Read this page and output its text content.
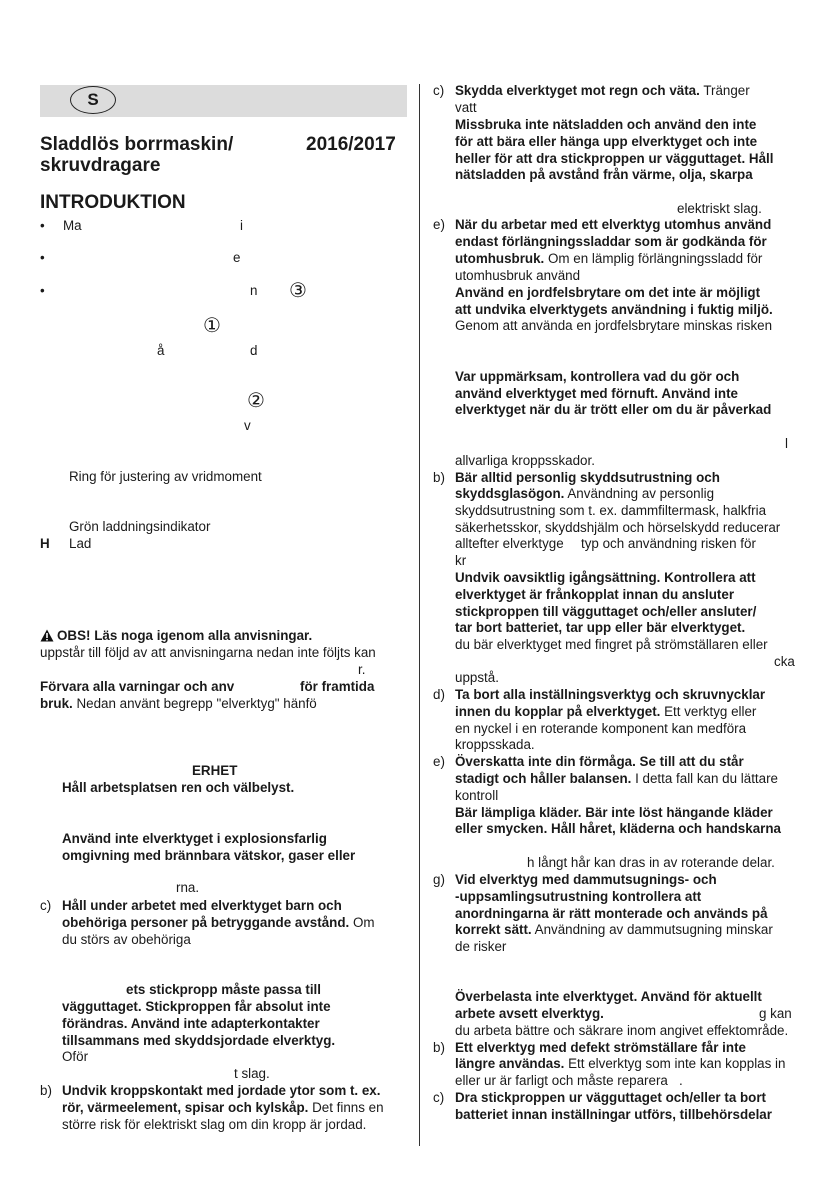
S
Sladdlös borrmaskin/
skruvdragare
2016/2017
INTRODUKTION
• Ma	i
•	e
•	n ③
①
å	d
②
v
Ring för justering av vridmoment
Grön laddningsindikator
H Lad
OBS! Läs noga igenom alla anvisningar.
uppstår till följd av att anvisningarna nedan inte följts kan
r.
Förvara alla varningar och anv	för framtida
bruk. Nedan använt begrepp "elverktyg" hänfö
ERHET
Håll arbetsplatsen ren och välbelyst.
Använd inte elverktyget i explosionsfarlig
omgivning med brännbara vätskor, gaser eller
rna.
c) Håll under arbetet med elverktyget barn och
obehöriga personer på betryggande avstånd. Om
du störs av obehöriga
ets stickpropp måste passa till
vägguttaget. Stickproppen får absolut inte
förändras. Använd inte adapterkontakter
tillsammans med skyddsjordade elverktyg.
Oför
t slag.
b) Undvik kroppskontakt med jordade ytor som t. ex.
rör, värmeelement, spisar och kylskåp. Det finns en
större risk för elektriskt slag om din kropp är jordad.
c) Skydda elverktyget mot regn och väta. Tränger
vatt
Missbruka inte nätsladden och använd den inte
för att bära eller hänga upp elverktyget och inte
heller för att dra stickproppen ur vägguttaget. Håll
nätsladden på avstånd från värme, olja, skarpa
elektriskt slag.
e) När du arbetar med ett elverktyg utomhus använd
endast förlängningssladdar som är godkända för
utomhusbruk. Om en lämplig förlängningssladd för
utomhusbruk använd
Använd en jordfelsbrytare om det inte är möjligt
att undvika elverktygets användning i fuktig miljö.
Genom att använda en jordfelsbrytare minskas risken
Var uppmärksam, kontrollera vad du gör och
använd elverktyget med förnuft. Använd inte
elverktyget när du är trött eller om du är påverkad
l
allvarliga kroppsskador.
b) Bär alltid personlig skyddsutrustning och
skyddsglasögon. Användning av personlig
skyddsutrustning som t. ex. dammfiltermask, halkfria
säkerhetsskor, skyddshjälm och hörselskydd reducerar
alltefter elverktyge typ och användning risken för
kr
Undvik oavsiktlig igångsättning. Kontrollera att
elverktyget är frånkopplat innan du ansluter
stickproppen till vägguttaget och/eller ansluter/
tar bort batteriet, tar upp eller bär elverktyget.
du bär elverktyget med fingret på strömställaren eller
cka
uppstå.
d) Ta bort alla inställningsverktyg och skruvnycklar
innen du kopplar på elverktyget. Ett verktyg eller
en nyckel i en roterande komponent kan medföra
kroppsskada.
e) Överskatta inte din förmåga. Se till att du står
stadigt och håller balansen. I detta fall kan du lättare
kontroll
Bär lämpliga kläder. Bär inte löst hängande kläder
eller smycken. Håll håret, kläderna och handskarna
h långt hår kan dras in av roterande delar.
g) Vid elverktyg med dammutsugnings- och
-uppsamlingsutrustning kontrollera att
anordningarna är rätt monterade och används på
korrekt sätt. Användning av dammutsugning minskar
de risker
Överbelasta inte elverktyget. Använd för aktuellt
arbete avsett elverktyg.	g kan
du arbeta bättre och säkrare inom angivet effektområde.
b) Ett elverktyg med defekt strömställare får inte
längre användas. Ett elverktyg som inte kan kopplas in
eller ur är farligt och måste reparera .
c) Dra stickproppen ur vägguttaget och/eller ta bort
batteriet innan inställningar utförs, tillbehörsdelar
